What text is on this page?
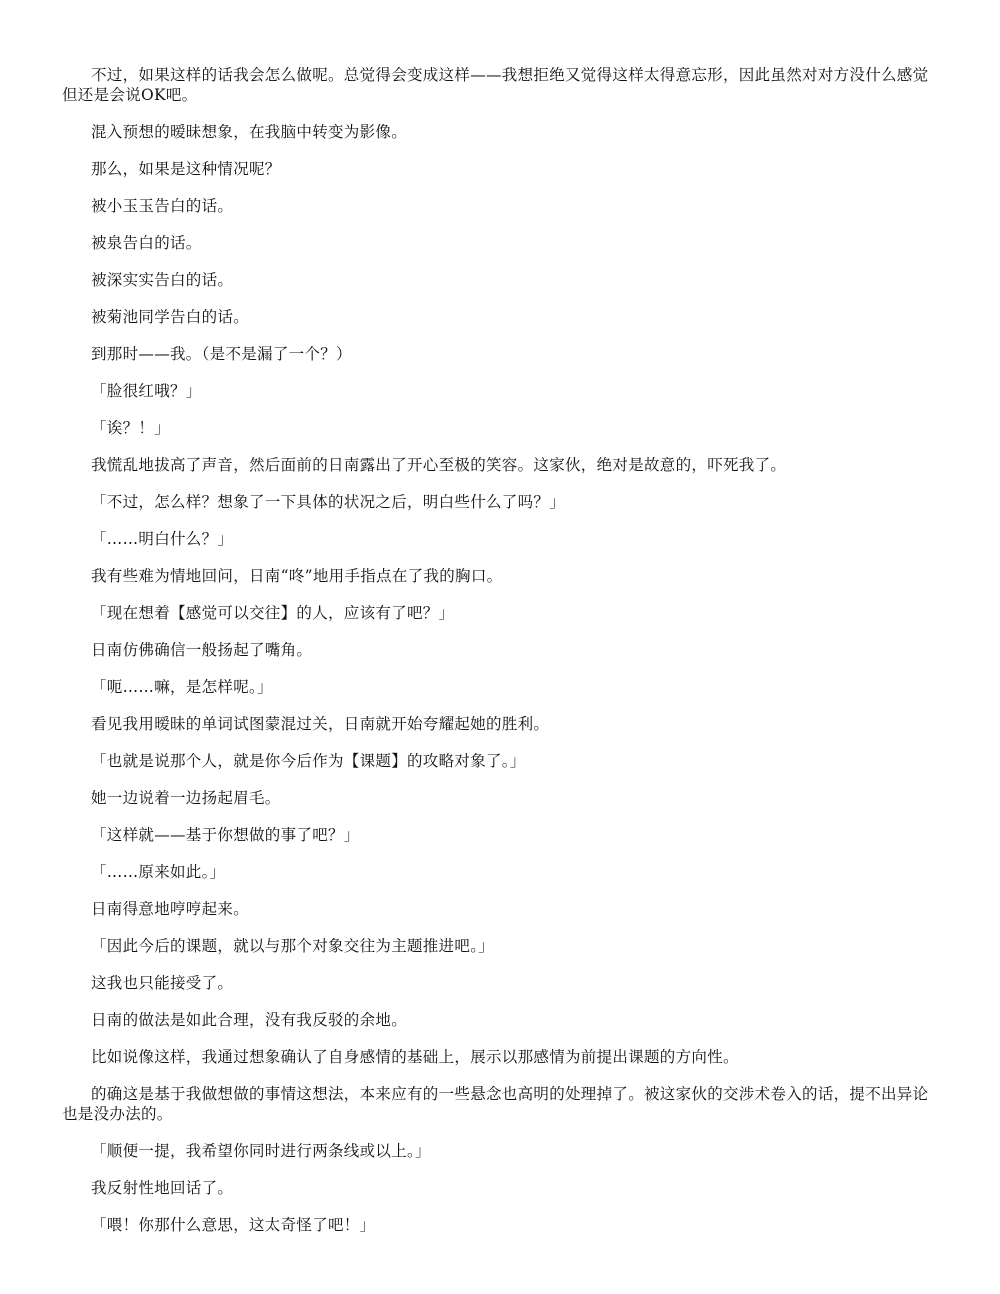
不过，如果这样的话我会怎么做呢。总觉得会变成这样——我想拒绝又觉得这样太得意忘形，因此虽然对对方没什么感觉但还是会说OK吧。

混入预想的暧昧想象，在我脑中转变为影像。

那么，如果是这种情况呢？

被小玉玉告白的话。

被泉告白的话。

被深实实告白的话。

被菊池同学告白的话。

到那时——我。（是不是漏了一个？）

「脸很红哦？」

「诶？！」

我慌乱地拔高了声音，然后面前的日南露出了开心至极的笑容。这家伙，绝对是故意的，吓死我了。

「不过，怎么样？想象了一下具体的状况之后，明白些什么了吗？」

「……明白什么？」

我有些难为情地回问，日南“咚”地用手指点在了我的胸口。

「现在想着【感觉可以交往】的人，应该有了吧？」

日南仿佛确信一般扬起了嘴角。

「呃……嘛，是怎样呢。」

看见我用暧昧的单词试图蒙混过关，日南就开始夸耀起她的胜利。

「也就是说那个人，就是你今后作为【课题】的攻略对象了。」

她一边说着一边扬起眉毛。

「这样就——基于你想做的事了吧？」

「……原来如此。」

日南得意地哼哼起来。

「因此今后的课题，就以与那个对象交往为主题推进吧。」

这我也只能接受了。

日南的做法是如此合理，没有我反驳的余地。

比如说像这样，我通过想象确认了自身感情的基础上，展示以那感情为前提出课题的方向性。

的确这是基于我做想做的事情这想法，本来应有的一些悬念也高明的处理掉了。被这家伙的交涉术卷入的话，提不出异论也是没办法的。

「顺便一提，我希望你同时进行两条线或以上。」

我反射性地回话了。

「喂！你那什么意思，这太奇怪了吧！」
